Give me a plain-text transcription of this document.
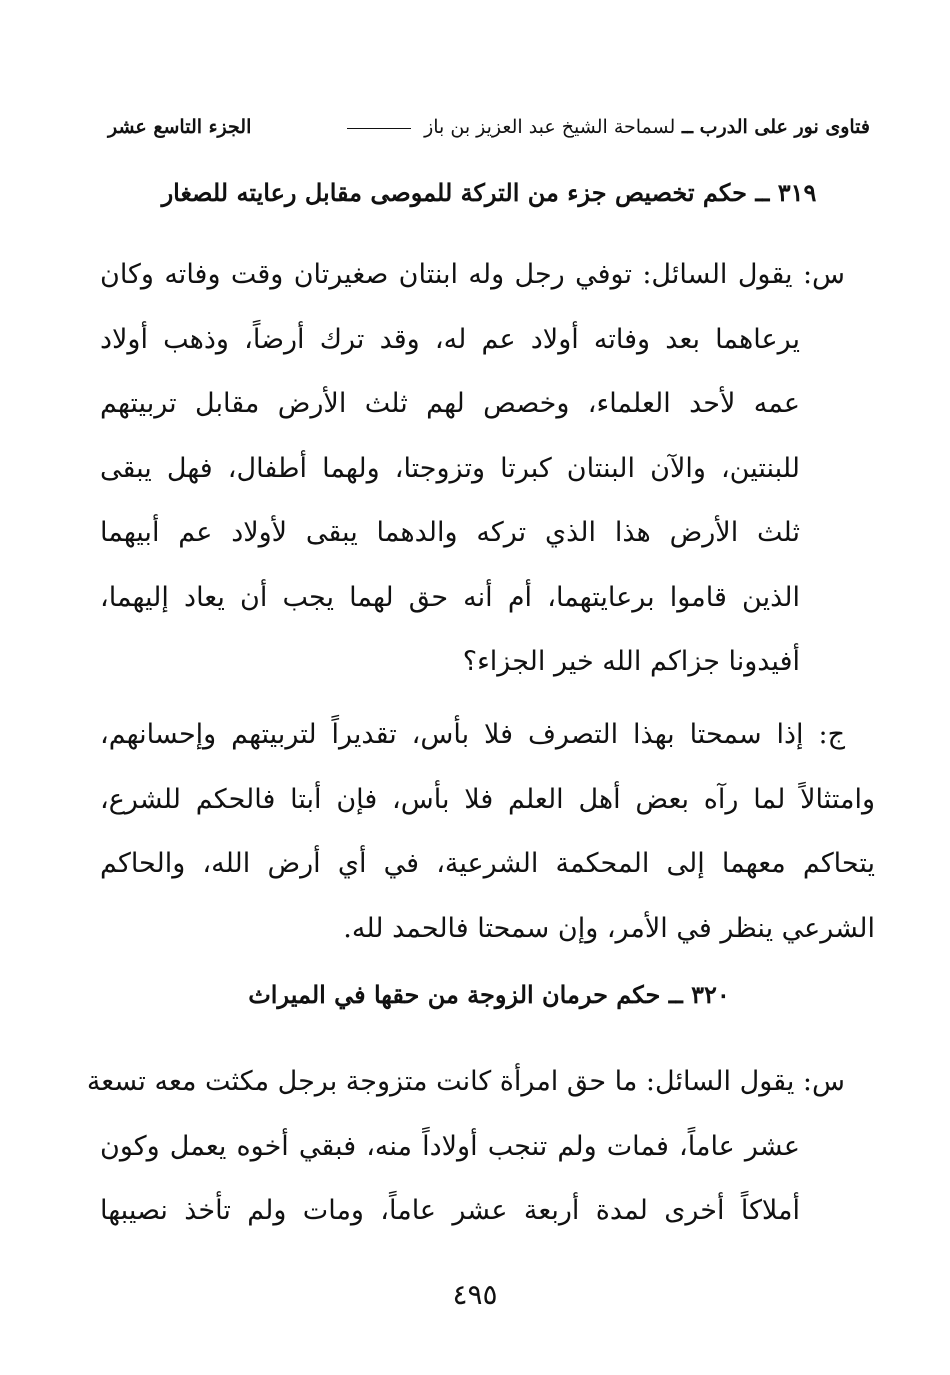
فتاوى نور على الدرب ــ لسماحة الشيخ عبد العزيز بن باز
الجزء التاسع عشر
٣١٩ ــ حكم تخصيص جزء من التركة للموصى مقابل رعايته للصغار
س: يقول السائل: توفي رجل وله ابنتان صغيرتان وقت وفاته وكان
يرعاهما بعد وفاته أولاد عم له، وقد ترك أرضاً، وذهب أولاد
عمه لأحد العلماء، وخصص لهم ثلث الأرض مقابل تربيتهم
للبنتين، والآن البنتان كبرتا وتزوجتا، ولهما أطفال، فهل يبقى
ثلث الأرض هذا الذي تركه والدهما يبقى لأولاد عم أبيهما
الذين قاموا برعايتهما، أم أنه حق لهما يجب أن يعاد إليهما،
أفيدونا جزاكم الله خير الجزاء؟
ج: إذا سمحتا بهذا التصرف فلا بأس، تقديراً لتربيتهم وإحسانهم،
وامتثالاً لما رآه بعض أهل العلم فلا بأس، فإن أبتا فالحكم للشرع،
يتحاكم معهما إلى المحكمة الشرعية، في أي أرض الله، والحاكم
الشرعي ينظر في الأمر، وإن سمحتا فالحمد لله.
٣٢٠ ــ حكم حرمان الزوجة من حقها في الميراث
س: يقول السائل: ما حق امرأة كانت متزوجة برجل مكثت معه تسعة
عشر عاماً، فمات ولم تنجب أولاداً منه، فبقي أخوه يعمل وكون
أملاكاً أخرى لمدة أربعة عشر عاماً، ومات ولم تأخذ نصيبها
٤٩٥
